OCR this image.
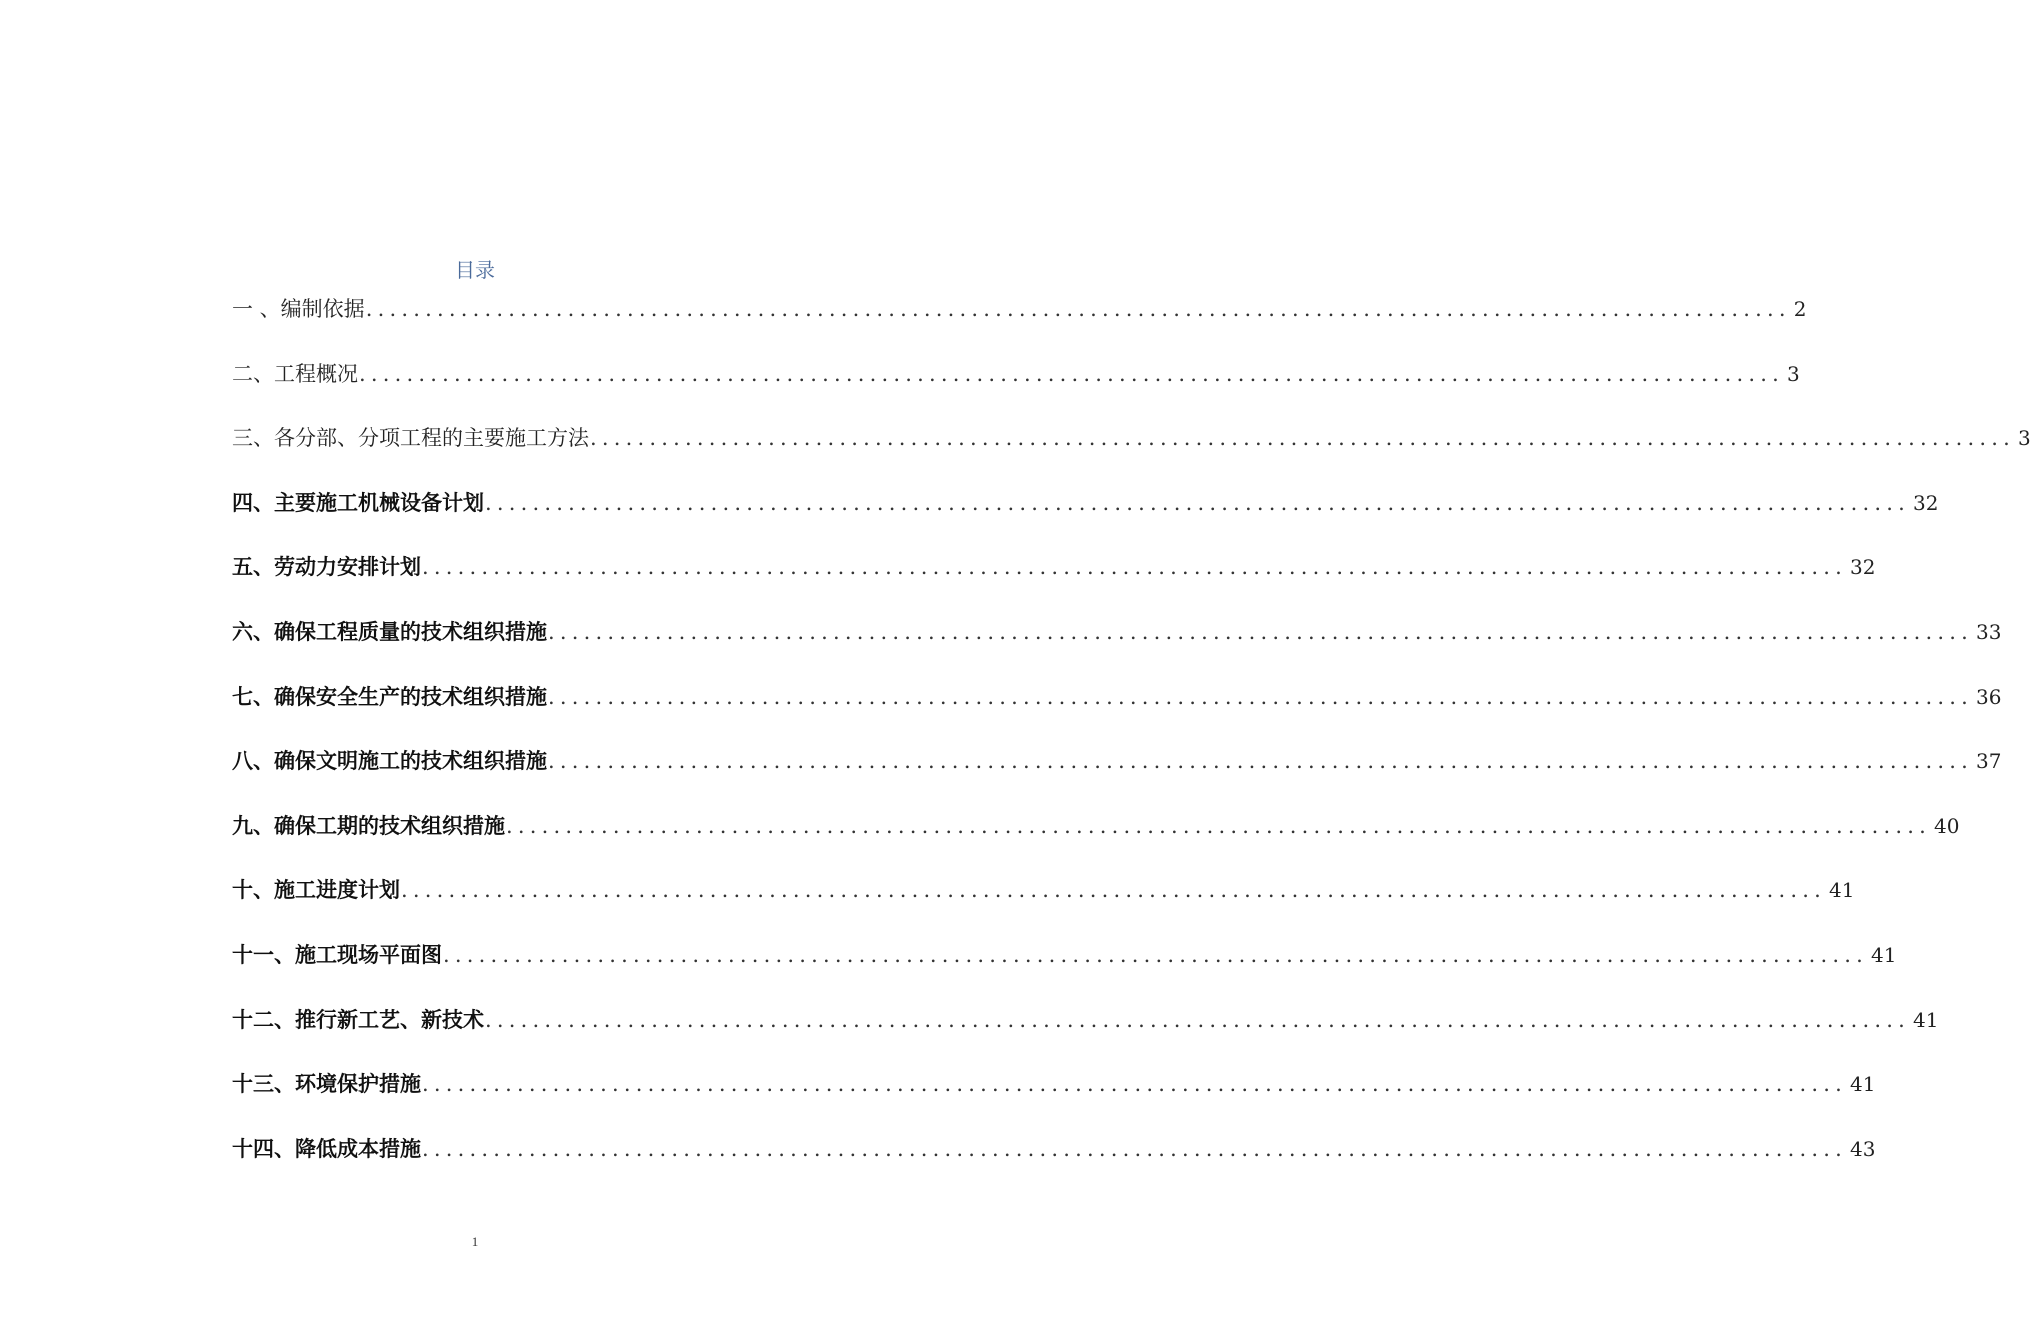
目录
一 、编制依据 ........................................................................................................................ 2
二、工程概况 ........................................................................................................................ 3
三、各分部、分项工程的主要施工方法 ........................................................................................................................ 3
四、主要施工机械设备计划 ........................................................................................................................ 32
五、劳动力安排计划 ........................................................................................................................ 32
六、确保工程质量的技术组织措施 ........................................................................................................................ 33
七、确保安全生产的技术组织措施 ........................................................................................................................ 36
八、确保文明施工的技术组织措施 ........................................................................................................................ 37
九、确保工期的技术组织措施 ........................................................................................................................ 40
十、施工进度计划 ........................................................................................................................ 41
十一、施工现场平面图 ........................................................................................................................ 41
十二、推行新工艺、新技术 ........................................................................................................................ 41
十三、环境保护措施 ........................................................................................................................ 41
十四、降低成本措施 ........................................................................................................................ 43
1
